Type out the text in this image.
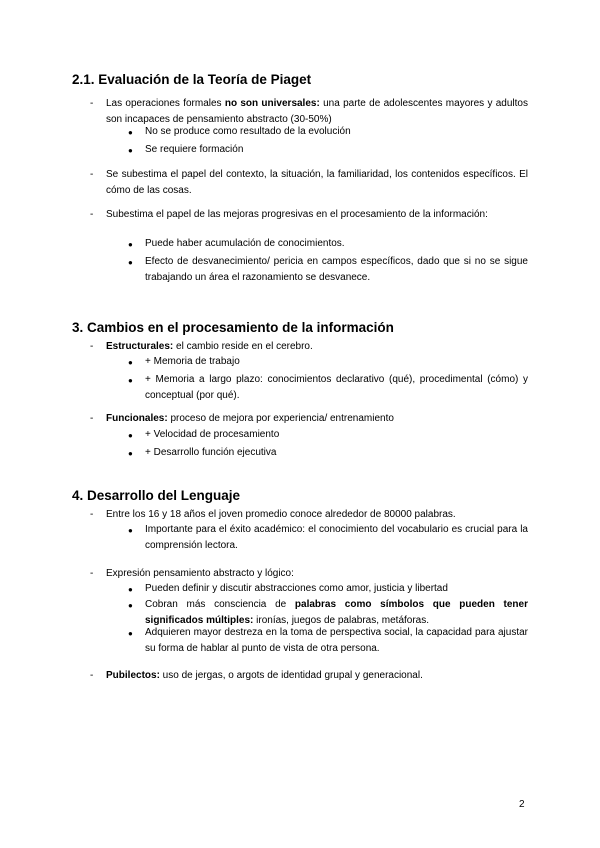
2.1. Evaluación de la Teoría de Piaget
- Las operaciones formales no son universales: una parte de adolescentes mayores y adultos son incapaces de pensamiento abstracto (30-50%)

● No se produce como resultado de la evolución

● Se requiere formación

- Se subestima el papel del contexto, la situación, la familiaridad, los contenidos específicos. El cómo de las cosas.

- Subestima el papel de las mejoras progresivas en el procesamiento de la información:

● Puede haber acumulación de conocimientos.

● Efecto de desvanecimiento/ pericia en campos específicos, dado que si no se sigue trabajando un área el razonamiento se desvanece.

3. Cambios en el procesamiento de la información
- Estructurales: el cambio reside en el cerebro.

● + Memoria de trabajo

● + Memoria a largo plazo: conocimientos declarativo (qué), procedimental (cómo) y conceptual (por qué).

- Funcionales: proceso de mejora por experiencia/ entrenamiento

● + Velocidad de procesamiento

● + Desarrollo función ejecutiva

4. Desarrollo del Lenguaje
- Entre los 16 y 18 años el joven promedio conoce alrededor de 80000 palabras.

● Importante para el éxito académico: el conocimiento del vocabulario es crucial para la comprensión lectora.

- Expresión pensamiento abstracto y lógico:

● Pueden definir y discutir abstracciones como amor, justicia y libertad

● Cobran más consciencia de palabras como símbolos que pueden tener significados múltiples: ironías, juegos de palabras, metáforas.

● Adquieren mayor destreza en la toma de perspectiva social, la capacidad para ajustar su forma de hablar al punto de vista de otra persona.

- Pubilectos: uso de jergas, o argots de identidad grupal y generacional.

2
